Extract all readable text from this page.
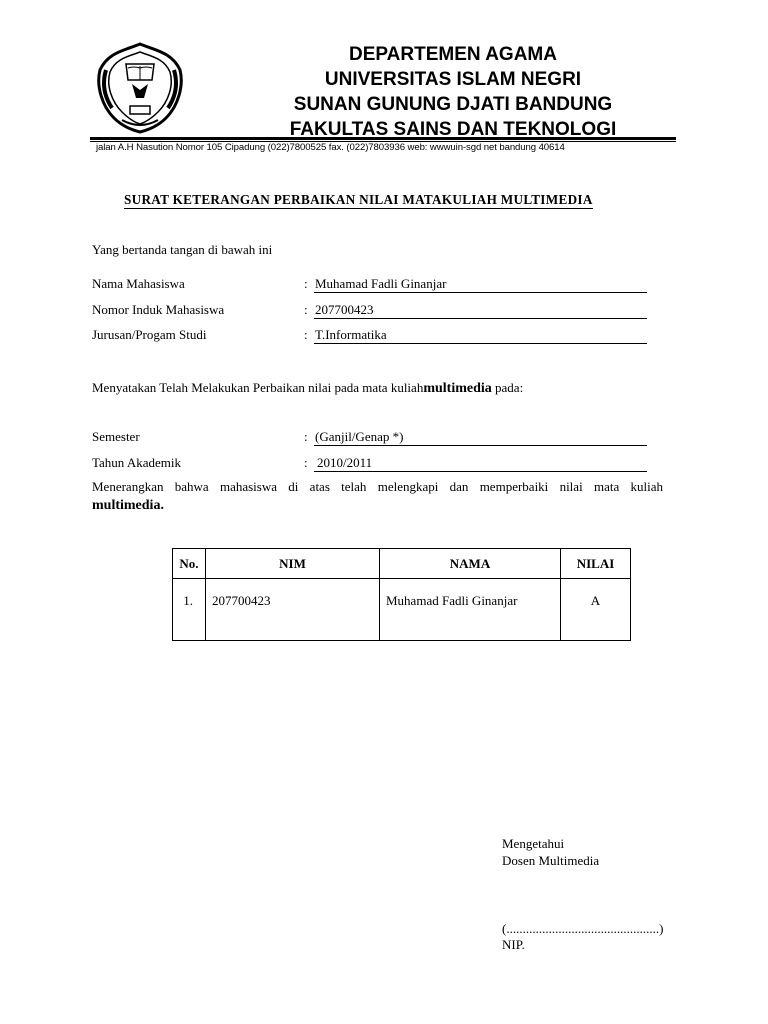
DEPARTEMEN AGAMA
UNIVERSITAS ISLAM NEGRI
SUNAN GUNUNG DJATI BANDUNG
FAKULTAS SAINS DAN TEKNOLOGI
jalan A.H Nasution Nomor 105 Cipadung (022)7800525 fax. (022)7803936 web: wwwuin-sgd net bandung 40614
SURAT KETERANGAN PERBAIKAN NILAI MATAKULIAH MULTIMEDIA
Yang bertanda tangan di bawah ini
Nama Mahasiswa	: Muhamad Fadli Ginanjar
Nomor Induk Mahasiswa	: 207700423
Jurusan/Progam Studi	: T.Informatika
Menyatakan Telah Melakukan Perbaikan nilai pada mata kuliahmultimedia pada:
Semester	: (Ganjil/Genap *)
Tahun Akademik	: 2010/2011
Menerangkan bahwa mahasiswa di atas telah melengkapi dan memperbaiki nilai mata kuliah
multimedia.
No.	NIM	NAMA	NILAI
1.	207700423	Muhamad Fadli Ginanjar	A
Mengetahui
Dosen Multimedia
(...............................................)
NIP.
